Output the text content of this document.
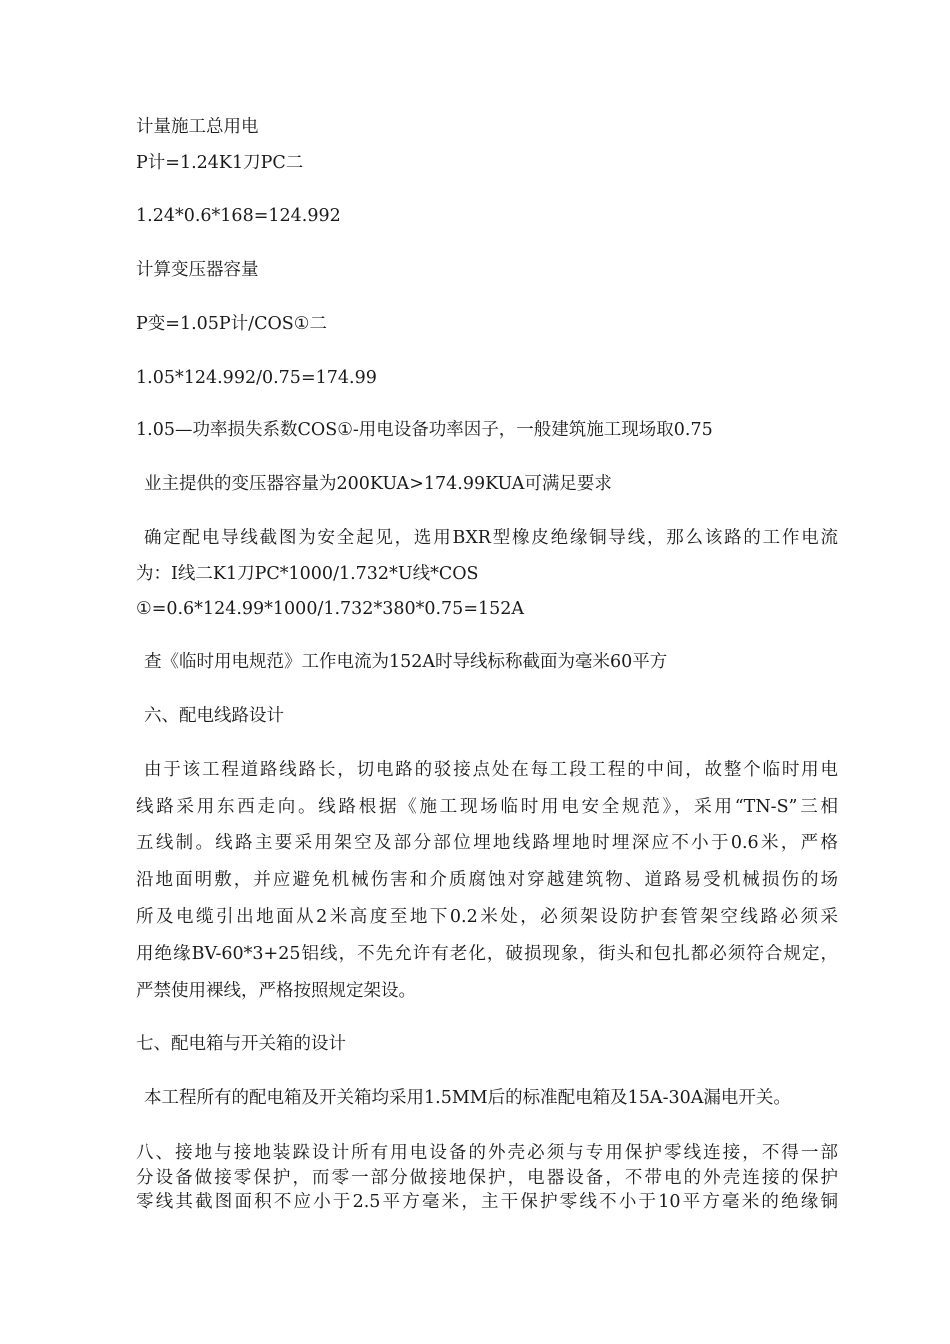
计量施工总用电
P计=1.24K1刀PC二
1.24*0.6*168=124.992
计算变压器容量
P变=1.05P计/COS①二
1.05*124.992/0.75=174.99
1.05—功率损失系数COS①-用电设备功率因子，一般建筑施工现场取0.75
业主提供的变压器容量为200KUA>174.99KUA可满足要求
确定配电导线截图为安全起见，选用BXR型橡皮绝缘铜导线，那么该路的工作电流
为：I线二K1刀PC*1000/1.732*U线*COS
①=0.6*124.99*1000/1.732*380*0.75=152A
查《临时用电规范》工作电流为152A时导线标称截面为毫米60平方
六、配电线路设计
由于该工程道路线路长，切电路的驳接点处在每工段工程的中间，故整个临时用电
线路采用东西走向。线路根据《施工现场临时用电安全规范》，采用“TN-S”三相
五线制。线路主要采用架空及部分部位埋地线路埋地时埋深应不小于0.6米，严格
沿地面明敷，并应避免机械伤害和介质腐蚀对穿越建筑物、道路易受机械损伤的场
所及电缆引出地面从2米高度至地下0.2米处，必须架设防护套管架空线路必须采
用绝缘BV-60*3+25铝线，不先允许有老化，破损现象，街头和包扎都必须符合规定，
严禁使用裸线，严格按照规定架设。
七、配电箱与开关箱的设计
本工程所有的配电箱及开关箱均采用1.5MM后的标准配电箱及15A-30A漏电开关。
八、接地与接地装跺设计所有用电设备的外壳必须与专用保护零线连接，不得一部
分设备做接零保护，而零一部分做接地保护，电器设备，不带电的外壳连接的保护
零线其截图面积不应小于2.5平方毫米，主干保护零线不小于10平方毫米的绝缘铜
